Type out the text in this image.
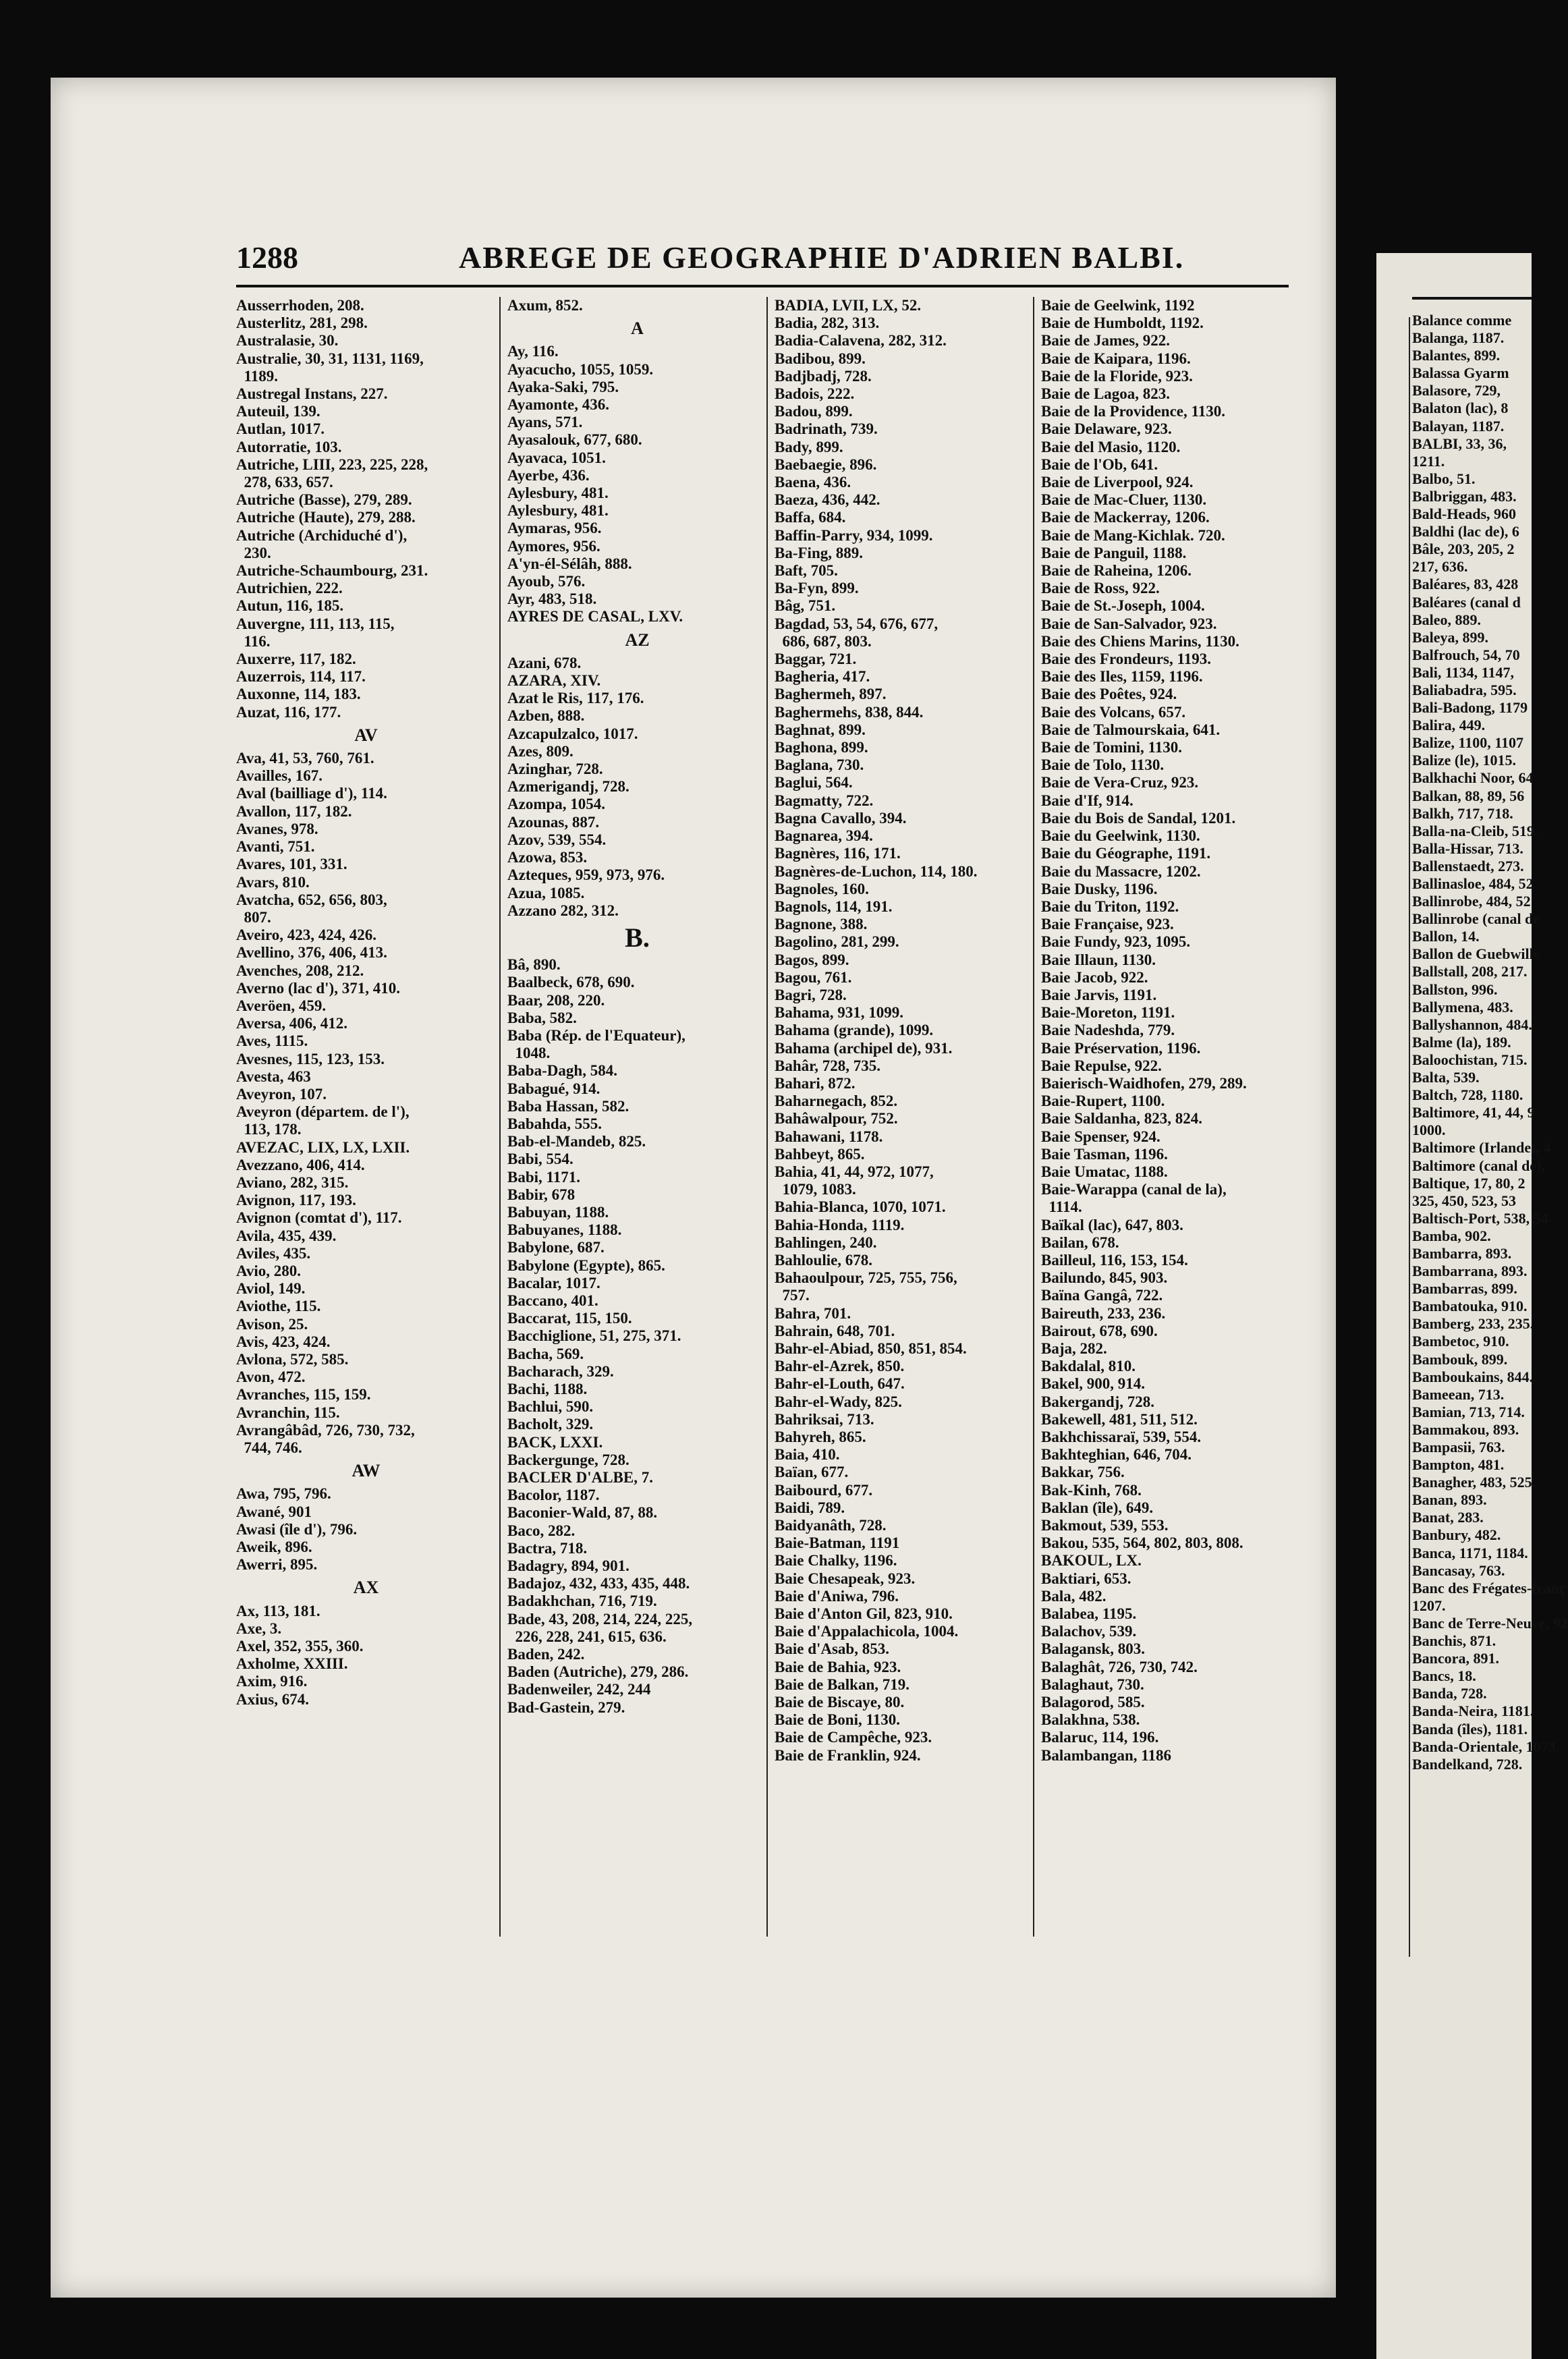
1288	ABREGE DE GEOGRAPHIE D'ADRIEN BALBI.
Ausserrhoden, 208.
Austerlitz, 281, 298.
Australasie, 30.
Australie, 30, 31, 1131, 1169,
1189.
Austregal Instans, 227.
Auteuil, 139.
Autlan, 1017.
Autorratie, 103.
Autriche, LIII, 223, 225, 228,
278, 633, 657.
Autriche (Basse), 279, 289.
Autriche (Haute), 279, 288.
Autriche (Archiduché d'),
230.
Autriche-Schaumbourg, 231.
Autrichien, 222.
Autun, 116, 185.
Auvergne, 111, 113, 115,
116.
Auxerre, 117, 182.
Auzerrois, 114, 117.
Auxonne, 114, 183.
Auzat, 116, 177.
AV
Ava, 41, 53, 760, 761.
Availles, 167.
Aval (bailliage d'), 114.
Avallon, 117, 182.
Avanes, 978.
Avanti, 751.
Avares, 101, 331.
Avars, 810.
Avatcha, 652, 656, 803,
807.
Aveiro, 423, 424, 426.
Avellino, 376, 406, 413.
Avenches, 208, 212.
Averno (lac d'), 371, 410.
Averöen, 459.
Aversa, 406, 412.
Aves, 1115.
Avesnes, 115, 123, 153.
Avesta, 463
Aveyron, 107.
Aveyron (départem. de l'),
113, 178.
AVEZAC, LIX, LX, LXII.
Avezzano, 406, 414.
Aviano, 282, 315.
Avignon, 117, 193.
Avignon (comtat d'), 117.
Avila, 435, 439.
Aviles, 435.
Avio, 280.
Aviol, 149.
Aviothe, 115.
Avison, 25.
Avis, 423, 424.
Avlona, 572, 585.
Avon, 472.
Avranches, 115, 159.
Avranchin, 115.
Avrangâbâd, 726, 730, 732,
744, 746.
AW
Awa, 795, 796.
Awané, 901
Awasi (île d'), 796.
Aweik, 896.
Awerri, 895.
AX
Ax, 113, 181.
Axe, 3.
Axel, 352, 355, 360.
Axholme, XXIII.
Axim, 916.
Axius, 674.
Axum, 852.
A
Ay, 116.
Ayacucho, 1055, 1059.
Ayaka-Saki, 795.
Ayamonte, 436.
Ayans, 571.
Ayasalouk, 677, 680.
Ayavaca, 1051.
Ayerbe, 436.
Aylesbury, 481.
Aylesbury, 481.
Aymaras, 956.
Aymores, 956.
A'yn-él-Sélâh, 888.
Ayoub, 576.
Ayr, 483, 518.
AYRES DE CASAL, LXV.
AZ
Azani, 678.
AZARA, XIV.
Azat le Ris, 117, 176.
Azben, 888.
Azcapulzalco, 1017.
Azes, 809.
Azinghar, 728.
Azmerigandj, 728.
Azompa, 1054.
Azounas, 887.
Azov, 539, 554.
Azowa, 853.
Azteques, 959, 973, 976.
Azua, 1085.
Azzano 282, 312.
B.
Bâ, 890.
Baalbeck, 678, 690.
Baar, 208, 220.
Baba, 582.
Baba (Rép. de l'Equateur),
1048.
Baba-Dagh, 584.
Babagué, 914.
Baba Hassan, 582.
Babahda, 555.
Bab-el-Mandeb, 825.
Babi, 554.
Babi, 1171.
Babir, 678
Babuyan, 1188.
Babuyanes, 1188.
Babylone, 687.
Babylone (Egypte), 865.
Bacalar, 1017.
Baccano, 401.
Baccarat, 115, 150.
Bacchiglione, 51, 275, 371.
Bacha, 569.
Bacharach, 329.
Bachi, 1188.
Bachlui, 590.
Bacholt, 329.
BACK, LXXI.
Backergunge, 728.
BACLER D'ALBE, 7.
Bacolor, 1187.
Baconier-Wald, 87, 88.
Baco, 282.
Bactra, 718.
Badagry, 894, 901.
Badajoz, 432, 433, 435, 448.
Badakhchan, 716, 719.
Bade, 43, 208, 214, 224, 225,
226, 228, 241, 615, 636.
Baden, 242.
Baden (Autriche), 279, 286.
Badenweiler, 242, 244
Bad-Gastein, 279.
BADIA, LVII, LX, 52.
Badia, 282, 313.
Badia-Calavena, 282, 312.
Badibou, 899.
Badjbadj, 728.
Badois, 222.
Badou, 899.
Badrinath, 739.
Bady, 899.
Baebaegie, 896.
Baena, 436.
Baeza, 436, 442.
Baffa, 684.
Baffin-Parry, 934, 1099.
Ba-Fing, 889.
Baft, 705.
Ba-Fyn, 899.
Bâg, 751.
Bagdad, 53, 54, 676, 677,
686, 687, 803.
Baggar, 721.
Bagheria, 417.
Baghermeh, 897.
Baghermehs, 838, 844.
Baghnat, 899.
Baghona, 899.
Baglana, 730.
Baglui, 564.
Bagmatty, 722.
Bagna Cavallo, 394.
Bagnarea, 394.
Bagnères, 116, 171.
Bagnères-de-Luchon, 114, 180.
Bagnoles, 160.
Bagnols, 114, 191.
Bagnone, 388.
Bagolino, 281, 299.
Bagos, 899.
Bagou, 761.
Bagri, 728.
Bahama, 931, 1099.
Bahama (grande), 1099.
Bahama (archipel de), 931.
Bahâr, 728, 735.
Bahari, 872.
Baharnegach, 852.
Bahâwalpour, 752.
Bahawani, 1178.
Bahbeyt, 865.
Bahia, 41, 44, 972, 1077,
1079, 1083.
Bahia-Blanca, 1070, 1071.
Bahia-Honda, 1119.
Bahlingen, 240.
Bahloulie, 678.
Bahaoulpour, 725, 755, 756,
757.
Bahra, 701.
Bahrain, 648, 701.
Bahr-el-Abiad, 850, 851, 854.
Bahr-el-Azrek, 850.
Bahr-el-Louth, 647.
Bahr-el-Wady, 825.
Bahriksai, 713.
Bahyreh, 865.
Baia, 410.
Baïan, 677.
Baibourd, 677.
Baidi, 789.
Baidyanâth, 728.
Baie-Batman, 1191
Baie Chalky, 1196.
Baie Chesapeak, 923.
Baie d'Aniwa, 796.
Baie d'Anton Gil, 823, 910.
Baie d'Appalachicola, 1004.
Baie d'Asab, 853.
Baie de Bahia, 923.
Baie de Balkan, 719.
Baie de Biscaye, 80.
Baie de Boni, 1130.
Baie de Campêche, 923.
Baie de Franklin, 924.
Baie de Geelwink, 1192
Baie de Humboldt, 1192.
Baie de James, 922.
Baie de Kaipara, 1196.
Baie de la Floride, 923.
Baie de Lagoa, 823.
Baie de la Providence, 1130.
Baie Delaware, 923.
Baie del Masio, 1120.
Baie de l'Ob, 641.
Baie de Liverpool, 924.
Baie de Mac-Cluer, 1130.
Baie de Mackerray, 1206.
Baie de Mang-Kichlak. 720.
Baie de Panguil, 1188.
Baie de Raheina, 1206.
Baie de Ross, 922.
Baie de St.-Joseph, 1004.
Baie de San-Salvador, 923.
Baie des Chiens Marins, 1130.
Baie des Frondeurs, 1193.
Baie des Iles, 1159, 1196.
Baie des Poêtes, 924.
Baie des Volcans, 657.
Baie de Talmourskaia, 641.
Baie de Tomini, 1130.
Baie de Tolo, 1130.
Baie de Vera-Cruz, 923.
Baie d'If, 914.
Baie du Bois de Sandal, 1201.
Baie du Geelwink, 1130.
Baie du Géographe, 1191.
Baie du Massacre, 1202.
Baie Dusky, 1196.
Baie du Triton, 1192.
Baie Française, 923.
Baie Fundy, 923, 1095.
Baie Illaun, 1130.
Baie Jacob, 922.
Baie Jarvis, 1191.
Baie-Moreton, 1191.
Baie Nadeshda, 779.
Baie Préservation, 1196.
Baie Repulse, 922.
Baierisch-Waidhofen, 279, 289.
Baie-Rupert, 1100.
Baie Saldanha, 823, 824.
Baie Spenser, 924.
Baie Tasman, 1196.
Baie Umatac, 1188.
Baie-Warappa (canal de la),
1114.
Baïkal (lac), 647, 803.
Bailan, 678.
Bailleul, 116, 153, 154.
Bailundo, 845, 903.
Baïna Gangâ, 722.
Baireuth, 233, 236.
Bairout, 678, 690.
Baja, 282.
Bakdalal, 810.
Bakel, 900, 914.
Bakergandj, 728.
Bakewell, 481, 511, 512.
Bakhchissaraï, 539, 554.
Bakhteghian, 646, 704.
Bakkar, 756.
Bak-Kinh, 768.
Baklan (île), 649.
Bakmout, 539, 553.
Bakou, 535, 564, 802, 803, 808.
BAKOUL, LX.
Baktiari, 653.
Bala, 482.
Balabea, 1195.
Balachov, 539.
Balagansk, 803.
Balaghât, 726, 730, 742.
Balaghaut, 730.
Balagorod, 585.
Balakhna, 538.
Balaruc, 114, 196.
Balambangan, 1186
Balance comme
Balanga, 1187.
Balantes, 899.
Balassa Gyarm
Balasore, 729,
Balaton (lac), 8
Balayan, 1187.
BALBI, 33, 36,
1211.
Balbo, 51.
Balbriggan, 483.
Bald-Heads, 960
Baldhi (lac de), 6
Bâle, 203, 205, 2
217, 636.
Baléares, 83, 428
Baléares (canal d
Baleo, 889.
Baleya, 899.
Balfrouch, 54, 70
Bali, 1134, 1147,
Baliabadra, 595.
Bali-Badong, 1179
Balira, 449.
Balize, 1100, 1107
Balize (le), 1015.
Balkhachi Noor, 64
Balkan, 88, 89, 56
Balkh, 717, 718.
Balla-na-Cleib, 519.
Balla-Hissar, 713.
Ballenstaedt, 273.
Ballinasloe, 484, 52
Ballinrobe, 484, 52
Ballinrobe (canal de
Ballon, 14.
Ballon de Guebwille
Ballstall, 208, 217.
Ballston, 996.
Ballymena, 483.
Ballyshannon, 484.
Balme (la), 189.
Baloochistan, 715.
Balta, 539.
Baltch, 728, 1180.
Baltimore, 41, 44, 9
1000.
Baltimore (Irlande), 4
Baltimore (canal de),
Baltique, 17, 80, 2
325, 450, 523, 53
Baltisch-Port, 538, 54
Bamba, 902.
Bambarra, 893.
Bambarrana, 893.
Bambarras, 899.
Bambatouka, 910.
Bamberg, 233, 235.
Bambetoc, 910.
Bambouk, 899.
Bamboukains, 844.
Bameean, 713.
Bamian, 713, 714.
Bammakou, 893.
Bampasii, 763.
Bampton, 481.
Banagher, 483, 525.
Banan, 893.
Banat, 283.
Banbury, 482.
Banca, 1171, 1184.
Bancasay, 763.
Banc des Frégates-franç
1207.
Banc de Terre-Neuve, 92
Banchis, 871.
Bancora, 891.
Bancs, 18.
Banda, 728.
Banda-Neira, 1181.
Banda (îles), 1181.
Banda-Orientale, 1073.
Bandelkand, 728.
